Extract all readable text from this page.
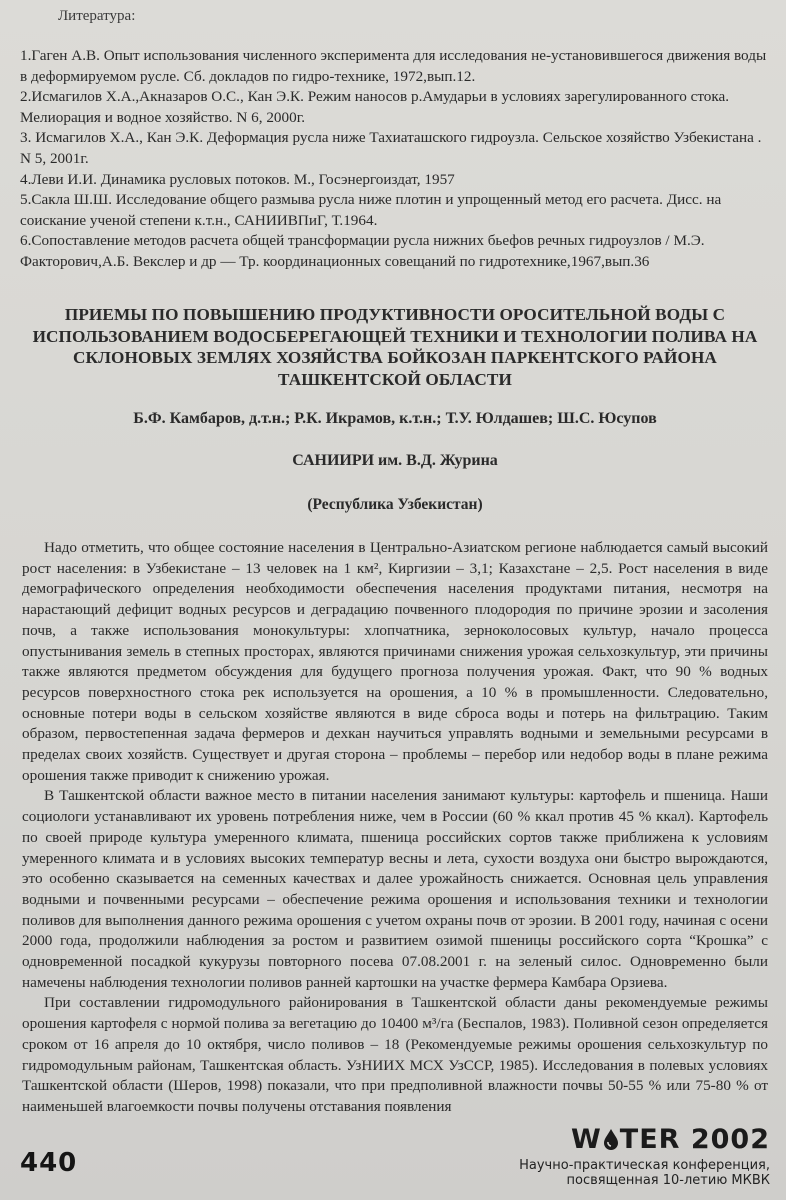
Литература:
1.Гаген А.В. Опыт использования численного эксперимента для исследования не-установившегося движения воды в деформируемом русле. Сб. докладов по гидро-технике, 1972,вып.12.
2.Исмагилов Х.А.,Акназаров О.С., Кан Э.К. Режим наносов р.Амударьи в условиях зарегулированного стока. Мелиорация и водное хозяйство. N 6, 2000г.
3. Исмагилов Х.А., Кан Э.К. Деформация русла ниже Тахиаташского гидроузла. Сельское хозяйство Узбекистана . N 5, 2001г.
4.Леви И.И. Динамика русловых потоков. М., Госэнергоиздат, 1957
5.Сакла Ш.Ш. Исследование общего размыва русла ниже плотин и упрощенный метод его расчета. Дисс. на соискание ученой степени к.т.н., САНИИВПиГ, Т.1964.
6.Сопоставление методов расчета общей трансформации русла нижних бьефов речных гидроузлов / М.Э. Факторович,А.Б. Векслер и др — Тр. координационных совещаний по гидротехнике,1967,вып.36
ПРИЕМЫ ПО ПОВЫШЕНИЮ ПРОДУКТИВНОСТИ ОРОСИТЕЛЬНОЙ ВОДЫ С ИСПОЛЬЗОВАНИЕМ ВОДОСБЕРЕГАЮЩЕЙ ТЕХНИКИ И ТЕХНОЛОГИИ ПОЛИВА НА СКЛОНОВЫХ ЗЕМЛЯХ ХОЗЯЙСТВА БОЙКОЗАН ПАРКЕНТСКОГО РАЙОНА ТАШКЕНТСКОЙ ОБЛАСТИ
Б.Ф. Камбаров, д.т.н.; Р.К. Икрамов, к.т.н.; Т.У. Юлдашев; Ш.С. Юсупов
САНИИРИ им. В.Д. Журина
(Республика Узбекистан)

Надо отметить, что общее состояние населения в Центрально-Азиатском регионе наблюдается самый высокий рост населения: в Узбекистане – 13 человек на 1 км², Киргизии – 3,1; Казахстане – 2,5. Рост населения в виде демографического определения необходимости обеспечения населения продуктами питания, несмотря на нарастающий дефицит водных ресурсов и деградацию почвенного плодородия по причине эрозии и засоления почв, а также использования монокультуры: хлопчатника, зерноколосовых культур, начало процесса опустынивания земель в степных просторах, являются причинами снижения урожая сельхозкультур, эти причины также являются предметом обсуждения для будущего прогноза получения урожая. Факт, что 90 % водных ресурсов поверхностного стока рек используется на орошения, а 10 % в промышленности. Следовательно, основные потери воды в сельском хозяйстве являются в виде сброса воды и потерь на фильтрацию. Таким образом, первостепенная задача фермеров и дехкан научиться управлять водными и земельными ресурсами в пределах своих хозяйств. Существует и другая сторона – проблемы – перебор или недобор воды в плане режима орошения также приводит к снижению урожая.

В Ташкентской области важное место в питании населения занимают культуры: картофель и пшеница. Наши социологи устанавливают их уровень потребления ниже, чем в России (60 % ккал против 45 % ккал). Картофель по своей природе культура умеренного климата, пшеница российских сортов также приближена к условиям умеренного климата и в условиях высоких температур весны и лета, сухости воздуха они быстро вырождаются, это особенно сказывается на семенных качествах и далее урожайность снижается. Основная цель управления водными и почвенными ресурсами – обеспечение режима орошения и использования техники и технологии поливов для выполнения данного режима орошения с учетом охраны почв от эрозии. В 2001 году, начиная с осени 2000 года, продолжили наблюдения за ростом и развитием озимой пшеницы российского сорта “Крошка” с одновременной посадкой кукурузы повторного посева 07.08.2001 г. на зеленый силос. Одновременно были намечены наблюдения технологии поливов ранней картошки на участке фермера Камбара Орзиева.

При составлении гидромодульного районирования в Ташкентской области даны рекомендуемые режимы орошения картофеля с нормой полива за вегетацию до 10400 м³/га (Беспалов, 1983). Поливной сезон определяется сроком от 16 апреля до 10 октября, число поливов – 18 (Рекомендуемые режимы орошения сельхозкультур по гидромодульным районам, Ташкентская область. УзНИИХ МСХ УзССР, 1985). Исследования в полевых условиях Ташкентской области (Шеров, 1998) показали, что при предполивной влажности почвы 50-55 % или 75-80 % от наименьшей влагоемкости почвы получены отставания появления

440
W TER 2002
Научно-практическая конференция,
посвященная 10-летию МКВК
